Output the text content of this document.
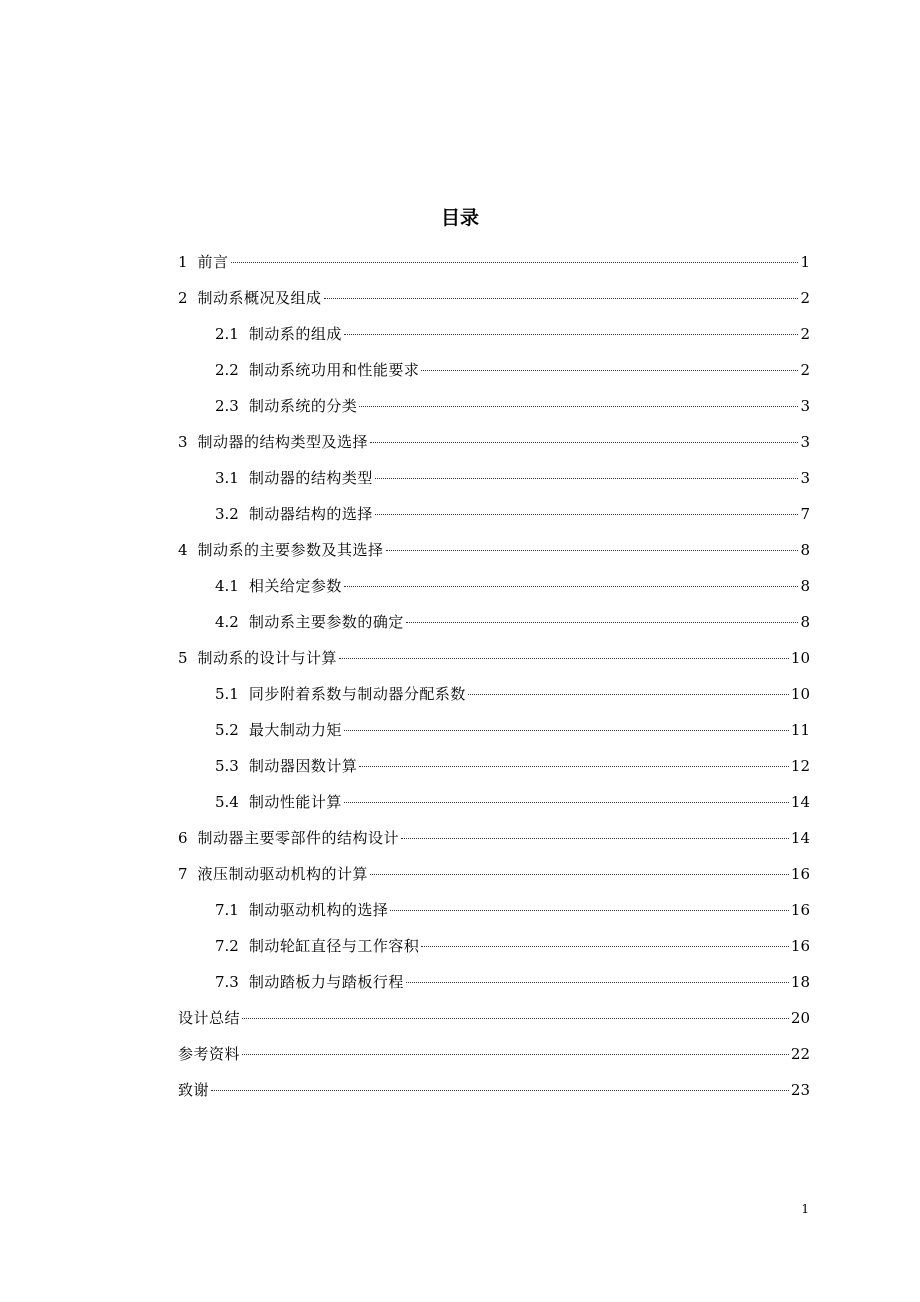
目录
1 前言	1
2 制动系概况及组成	2
2.1 制动系的组成	2
2.2 制动系统功用和性能要求	2
2.3 制动系统的分类	3
3 制动器的结构类型及选择	3
3.1 制动器的结构类型	3
3.2 制动器结构的选择	7
4 制动系的主要参数及其选择	8
4.1 相关给定参数	8
4.2 制动系主要参数的确定	8
5 制动系的设计与计算	10
5.1 同步附着系数与制动器分配系数	10
5.2 最大制动力矩	11
5.3 制动器因数计算	12
5.4 制动性能计算	14
6 制动器主要零部件的结构设计	14
7 液压制动驱动机构的计算	16
7.1 制动驱动机构的选择	16
7.2 制动轮缸直径与工作容积	16
7.3 制动踏板力与踏板行程	18
设计总结	20
参考资料	22
致谢	23
1
